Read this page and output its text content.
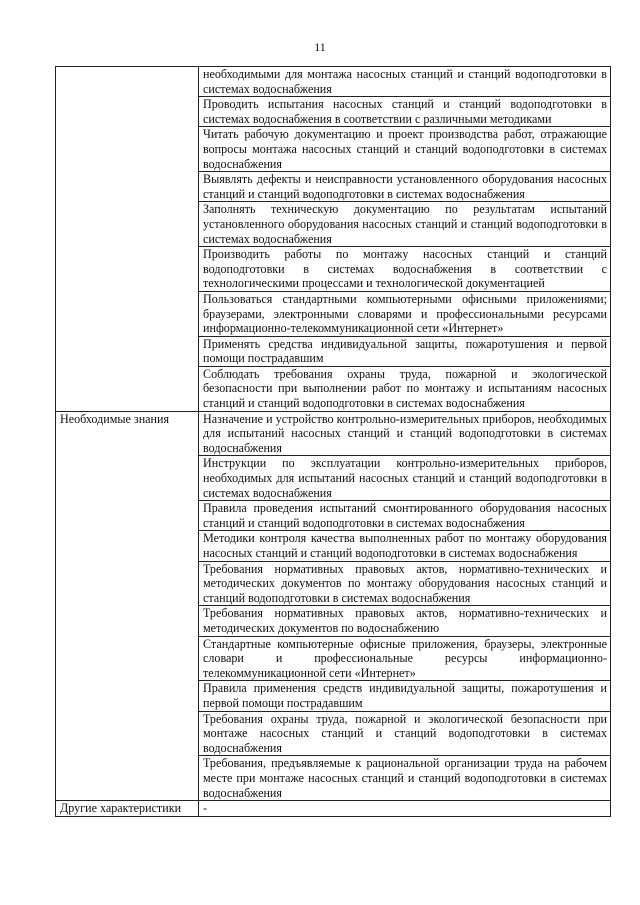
11
	необходимыми для монтажа насосных станций и станций водоподготовки в системах водоснабжения
	Проводить испытания насосных станций и станций водоподготовки в системах водоснабжения в соответствии с различными методиками
	Читать рабочую документацию и проект производства работ, отражающие вопросы монтажа насосных станций и станций водоподготовки в системах водоснабжения
	Выявлять дефекты и неисправности установленного оборудования насосных станций и станций водоподготовки в системах водоснабжения
	Заполнять техническую документацию по результатам испытаний установленного оборудования насосных станций и станций водоподготовки в системах водоснабжения
	Производить работы по монтажу насосных станций и станций водоподготовки в системах водоснабжения в соответствии с технологическими процессами и технологической документацией
	Пользоваться стандартными компьютерными офисными приложениями; браузерами, электронными словарями и профессиональными ресурсами информационно-телекоммуникационной сети «Интернет»
	Применять средства индивидуальной защиты, пожаротушения и первой помощи пострадавшим
	Соблюдать требования охраны труда, пожарной и экологической безопасности при выполнении работ по монтажу и испытаниям насосных станций и станций водоподготовки в системах водоснабжения
Необходимые знания	Назначение и устройство контрольно-измерительных приборов, необходимых для испытаний насосных станций и станций водоподготовки в системах водоснабжения
	Инструкции по эксплуатации контрольно-измерительных приборов, необходимых для испытаний насосных станций и станций водоподготовки в системах водоснабжения
	Правила проведения испытаний смонтированного оборудования насосных станций и станций водоподготовки в системах водоснабжения
	Методики контроля качества выполненных работ по монтажу оборудования насосных станций и станций водоподготовки в системах водоснабжения
	Требования нормативных правовых актов, нормативно-технических и методических документов по монтажу оборудования насосных станций и станций водоподготовки в системах водоснабжения
	Требования нормативных правовых актов, нормативно-технических и методических документов по водоснабжению
	Стандартные компьютерные офисные приложения, браузеры, электронные словари и профессиональные ресурсы информационно-телекоммуникационной сети «Интернет»
	Правила применения средств индивидуальной защиты, пожаротушения и первой помощи пострадавшим
	Требования охраны труда, пожарной и экологической безопасности при монтаже насосных станций и станций водоподготовки в системах водоснабжения
	Требования, предъявляемые к рациональной организации труда на рабочем месте при монтаже насосных станций и станций водоподготовки в системах водоснабжения
Другие характеристики	-
